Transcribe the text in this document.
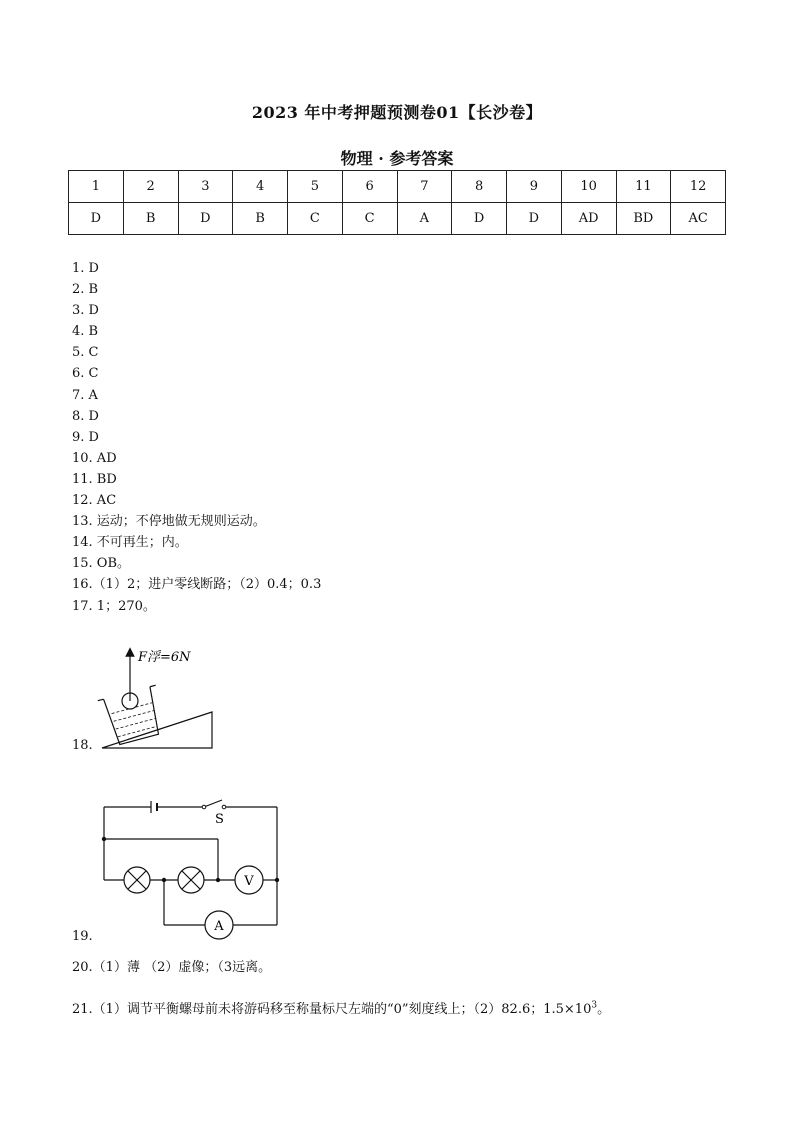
2023 年中考押题预测卷01【长沙卷】
物理 · 参考答案
1	2	3	4	5	6	7	8	9	10	11	12
D	B	D	B	C	C	A	D	D	AD	BD	AC
1. D
2. B
3. D
4. B
5. C
6. C
7. A
8. D
9. D
10. AD
11. BD
12. AC
13. 运动；不停地做无规则运动。
14. 不可再生；内。
15. OB。
16.（1）2；进户零线断路；（2）0.4；0.3
17. 1；270。
18.
F浮=6N
19.
S
V
A
20.（1）薄 （2）虚像；（3远离。
21.（1）调节平衡螺母前未将游码移至称量标尺左端的“0”刻度线上；（2）82.6；$1.5\times 10^3$。
